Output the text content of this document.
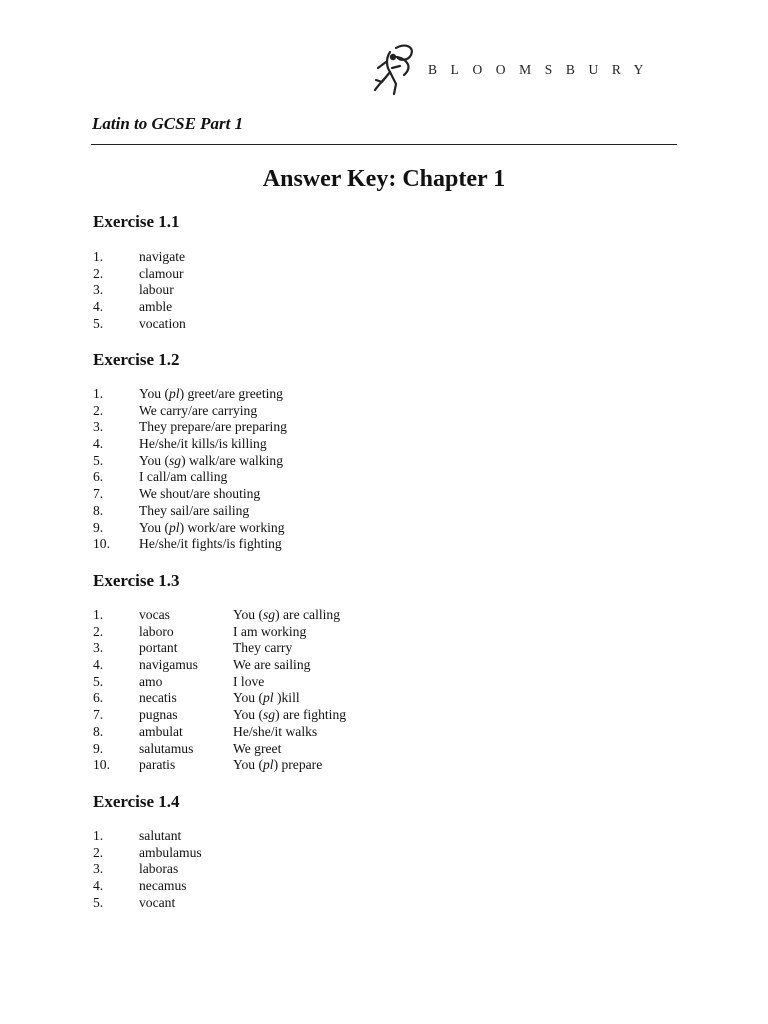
BLOOMSBURY
Latin to GCSE Part 1
Answer Key: Chapter 1
Exercise 1.1
1.	navigate
2.	clamour
3.	labour
4.	amble
5.	vocation
Exercise 1.2
1.	You (pl) greet/are greeting
2.	We carry/are carrying
3.	They prepare/are preparing
4.	He/she/it kills/is killing
5.	You (sg) walk/are walking
6.	I call/am calling
7.	We shout/are shouting
8.	They sail/are sailing
9.	You (pl) work/are working
10. He/she/it fights/is fighting
Exercise 1.3
1.	vocas	You (sg) are calling
2.	laboro	I am working
3.	portant	They carry
4.	navigamus	We are sailing
5.	amo	I love
6.	necatis	You (pl )kill
7.	pugnas	You (sg) are fighting
8.	ambulat	He/she/it walks
9.	salutamus	We greet
10. paratis	You (pl) prepare
Exercise 1.4
1.	salutant
2.	ambulamus
3.	laboras
4.	necamus
5.	vocant
